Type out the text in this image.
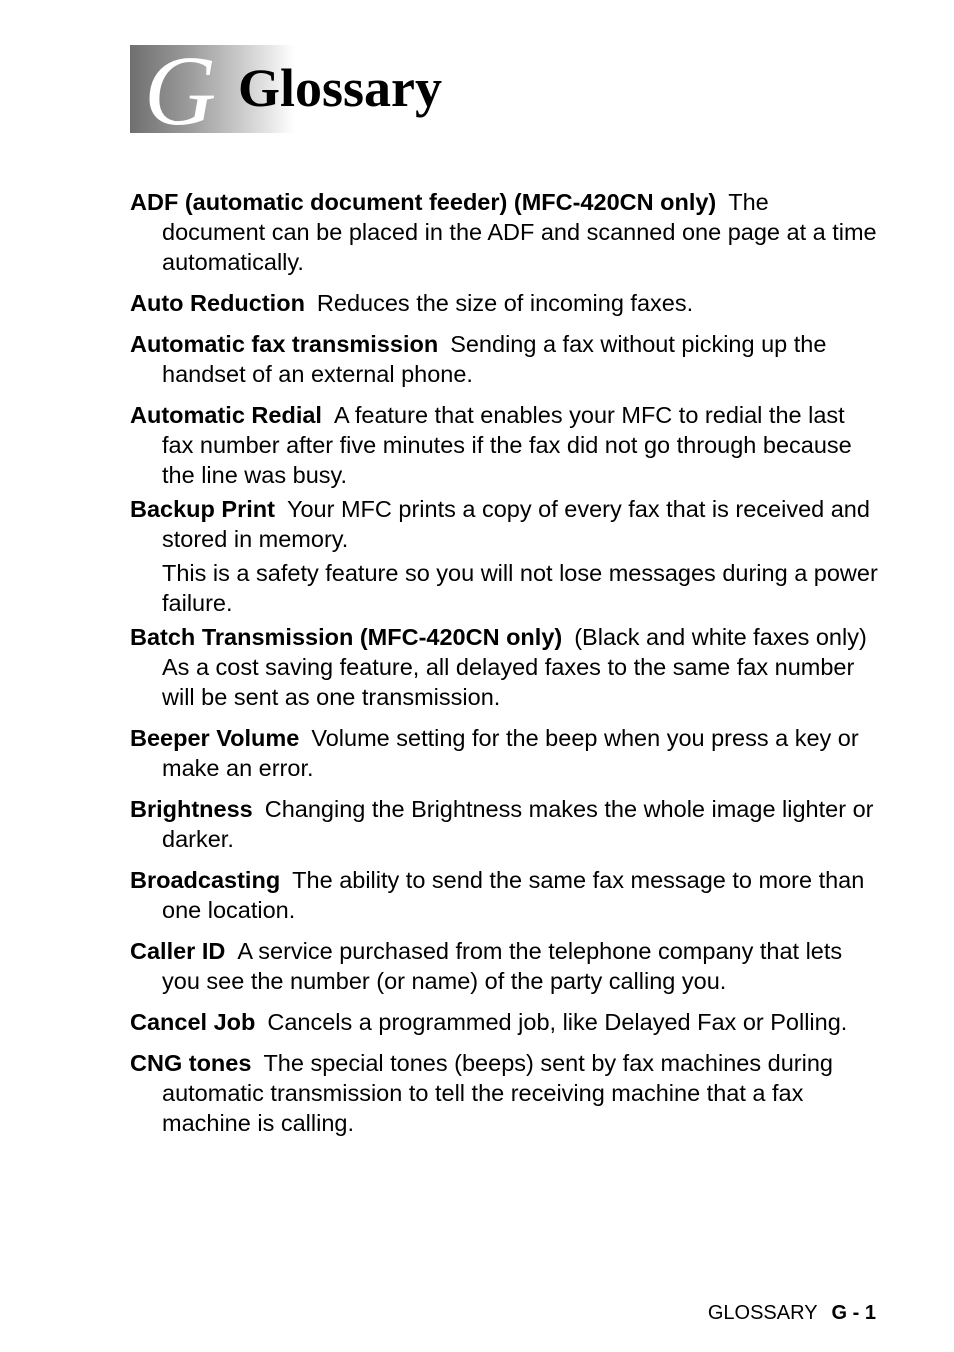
G Glossary

ADF (automatic document feeder) (MFC-420CN only) The document can be placed in the ADF and scanned one page at a time automatically.

Auto Reduction Reduces the size of incoming faxes.

Automatic fax transmission Sending a fax without picking up the handset of an external phone.

Automatic Redial A feature that enables your MFC to redial the last fax number after five minutes if the fax did not go through because the line was busy.

Backup Print Your MFC prints a copy of every fax that is received and stored in memory.

This is a safety feature so you will not lose messages during a power failure.

Batch Transmission (MFC-420CN only) (Black and white faxes only) As a cost saving feature, all delayed faxes to the same fax number will be sent as one transmission.

Beeper Volume Volume setting for the beep when you press a key or make an error.

Brightness Changing the Brightness makes the whole image lighter or darker.

Broadcasting The ability to send the same fax message to more than one location.

Caller ID A service purchased from the telephone company that lets you see the number (or name) of the party calling you.

Cancel Job Cancels a programmed job, like Delayed Fax or Polling.

CNG tones The special tones (beeps) sent by fax machines during automatic transmission to tell the receiving machine that a fax machine is calling.

GLOSSARY G - 1
